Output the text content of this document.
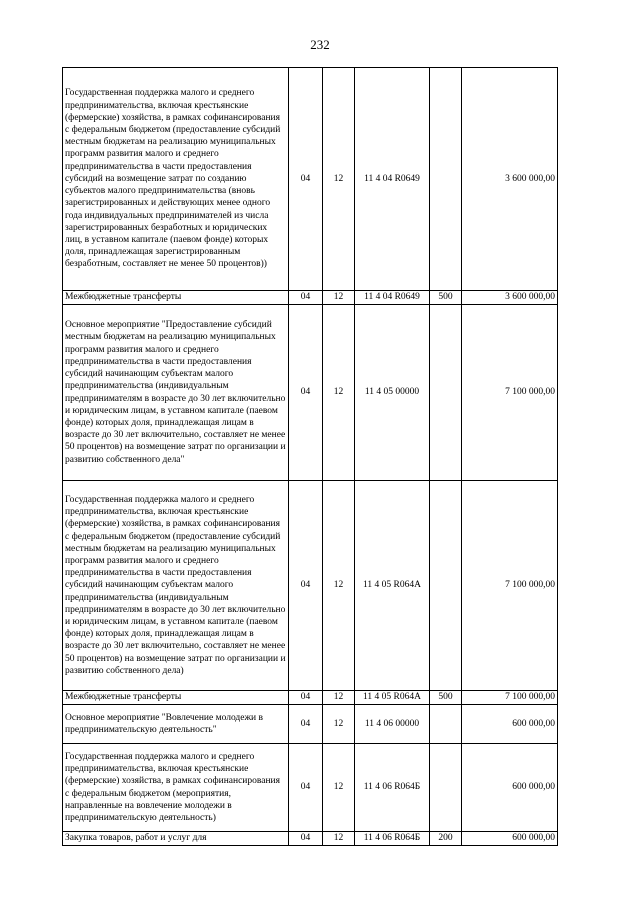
232
Государственная поддержка малого и среднего предпринимательства, включая крестьянские (фермерские) хозяйства, в рамках софинансирования с федеральным бюджетом (предоставление субсидий местным бюджетам на реализацию муниципальных программ развития малого и среднего предпринимательства в части предоставления субсидий на возмещение затрат по созданию субъектов малого предпринимательства (вновь зарегистрированных и действующих менее одного года индивидуальных предпринимателей из числа зарегистрированных безработных и юридических лиц, в уставном капитале (паевом фонде) которых доля, принадлежащая зарегистрированным безработным, составляет не менее 50 процентов))	04	12	11 4 04 R0649		3 600 000,00
Межбюджетные трансферты	04	12	11 4 04 R0649	500	3 600 000,00
Основное мероприятие "Предоставление субсидий местным бюджетам на реализацию муниципальных программ развития малого и среднего предпринимательства в части предоставления субсидий начинающим субъектам малого предпринимательства (индивидуальным предпринимателям в возрасте до 30 лет включительно и юридическим лицам, в уставном капитале (паевом фонде) которых доля, принадлежащая лицам в возрасте до 30 лет включительно, составляет не менее 50 процентов) на возмещение затрат по организации и развитию собственного дела"	04	12	11 4 05 00000		7 100 000,00
Государственная поддержка малого и среднего предпринимательства, включая крестьянские (фермерские) хозяйства, в рамках софинансирования с федеральным бюджетом (предоставление субсидий местным бюджетам на реализацию муниципальных программ развития малого и среднего предпринимательства в части предоставления субсидий начинающим субъектам малого предпринимательства (индивидуальным предпринимателям в возрасте до 30 лет включительно и юридическим лицам, в уставном капитале (паевом фонде) которых доля, принадлежащая лицам в возрасте до 30 лет включительно, составляет не менее 50 процентов) на возмещение затрат по организации и развитию собственного дела)	04	12	11 4 05 R064A		7 100 000,00
Межбюджетные трансферты	04	12	11 4 05 R064A	500	7 100 000,00
Основное мероприятие "Вовлечение молодежи в предпринимательскую деятельность"	04	12	11 4 06 00000		600 000,00
Государственная поддержка малого и среднего предпринимательства, включая крестьянские (фермерские) хозяйства, в рамках софинансирования с федеральным бюджетом (мероприятия, направленные на вовлечение молодежи в предпринимательскую деятельность)	04	12	11 4 06 R064Б		600 000,00
Закупка товаров, работ и услуг для	04	12	11 4 06 R064Б	200	600 000,00
